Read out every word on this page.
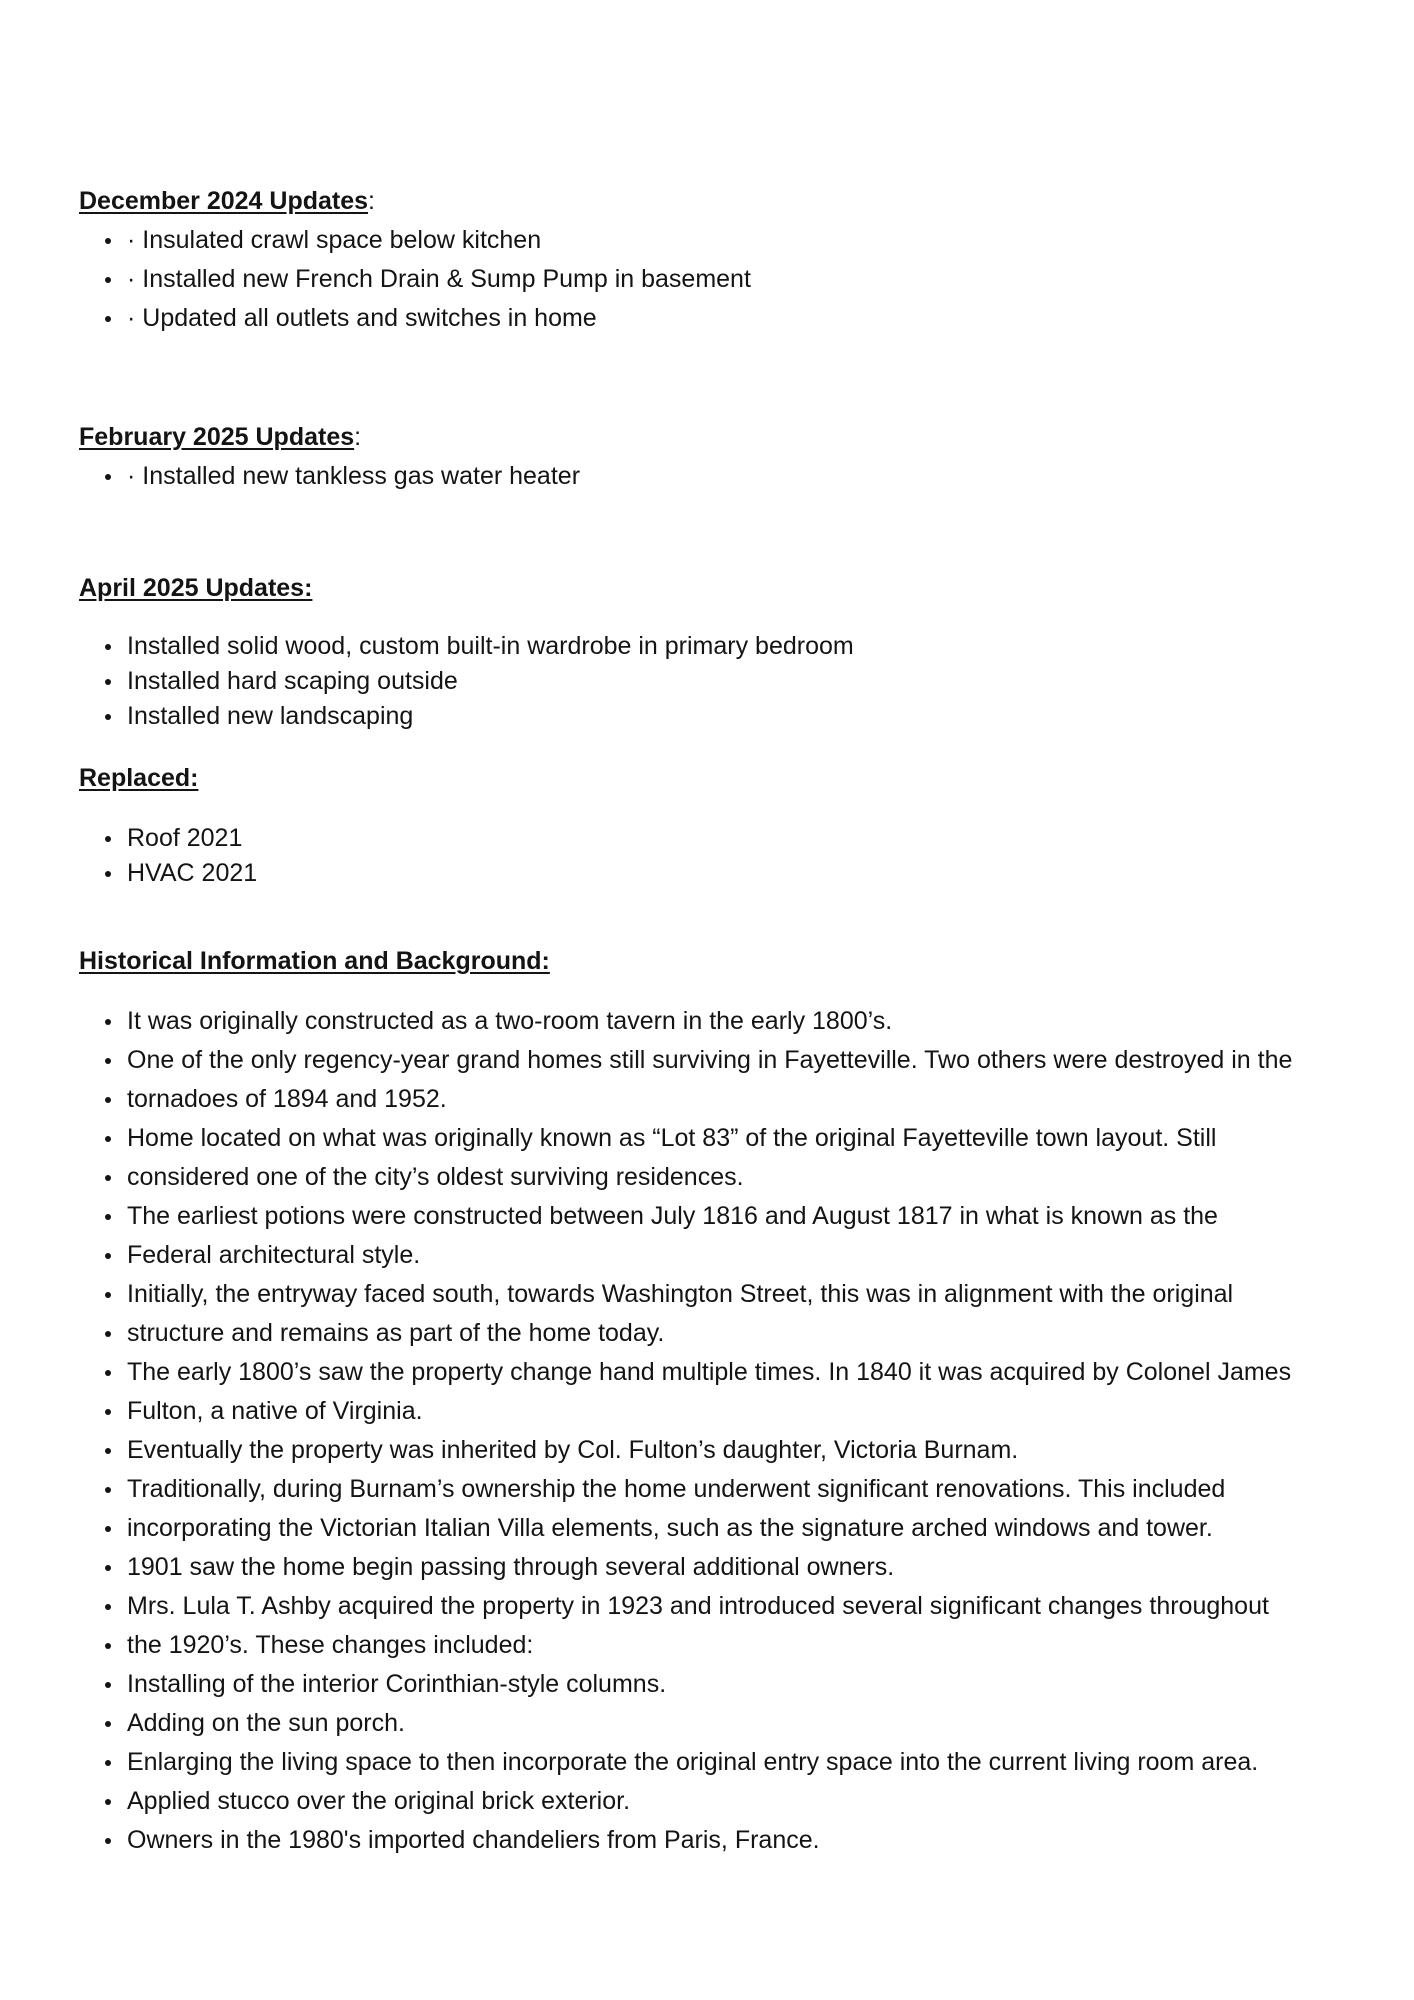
December 2024 Updates:
· Insulated crawl space below kitchen
· Installed new French Drain & Sump Pump in basement
· Updated all outlets and switches in home
February 2025 Updates:
· Installed new tankless gas water heater
April 2025 Updates:
Installed solid wood, custom built-in wardrobe in primary bedroom
Installed hard scaping outside
Installed new landscaping
Replaced:
Roof 2021
HVAC 2021
Historical Information and Background:
It was originally constructed as a two-room tavern in the early 1800’s.
One of the only regency-year grand homes still surviving in Fayetteville. Two others were destroyed in the
tornadoes of 1894 and 1952.
Home located on what was originally known as “Lot 83” of the original Fayetteville town layout. Still
considered one of the city’s oldest surviving residences.
The earliest potions were constructed between July 1816 and August 1817 in what is known as the
Federal architectural style.
Initially, the entryway faced south, towards Washington Street, this was in alignment with the original
structure and remains as part of the home today.
The early 1800’s saw the property change hand multiple times. In 1840 it was acquired by Colonel James
Fulton, a native of Virginia.
Eventually the property was inherited by Col. Fulton’s daughter, Victoria Burnam.
Traditionally, during Burnam’s ownership the home underwent significant renovations. This included
incorporating the Victorian Italian Villa elements, such as the signature arched windows and tower.
1901 saw the home begin passing through several additional owners.
Mrs. Lula T. Ashby acquired the property in 1923 and introduced several significant changes throughout
the 1920’s. These changes included:
Installing of the interior Corinthian-style columns.
Adding on the sun porch.
Enlarging the living space to then incorporate the original entry space into the current living room area.
Applied stucco over the original brick exterior.
Owners in the 1980's imported chandeliers from Paris, France.
